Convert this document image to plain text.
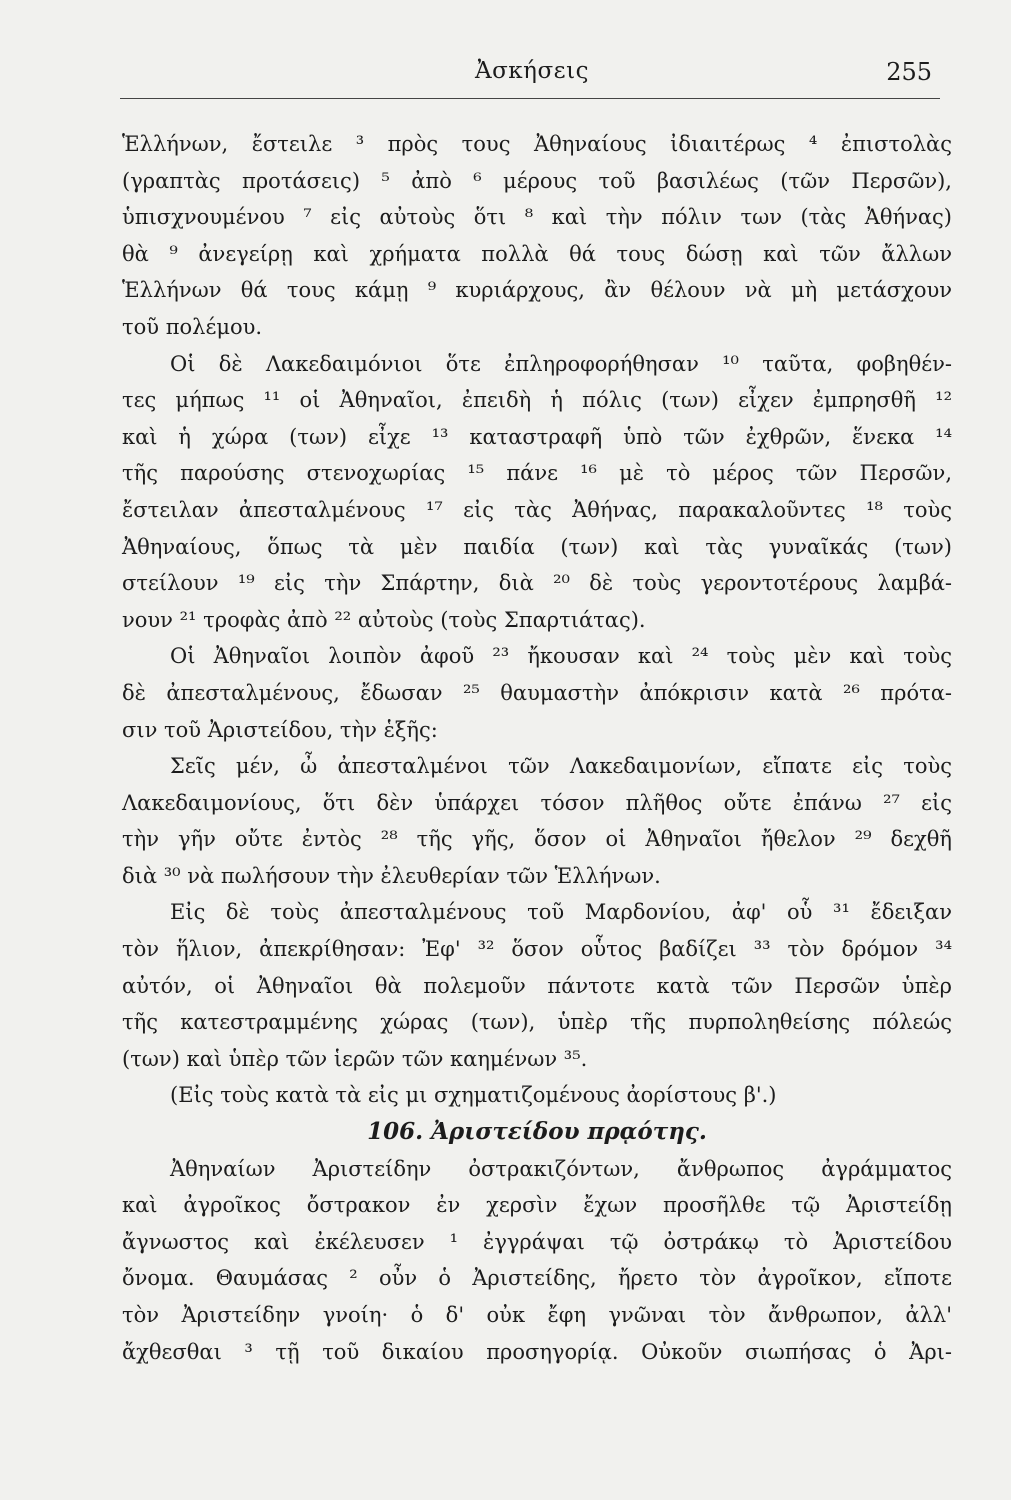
Ἀσκήσεις	255
Ἑλλήνων, ἔστειλε ³ πρὸς τους Ἀθηναίους ἰδιαιτέρως ⁴ ἐπιστολὰς
(γραπτὰς προτάσεις) ⁵ ἀπὸ ⁶ μέρους τοῦ βασιλέως (τῶν Περσῶν),
ὑπισχνουμένου ⁷ εἰς αὐτοὺς ὅτι ⁸ καὶ τὴν πόλιν των (τὰς Ἀθήνας)
θὰ ⁹ ἀνεγείρῃ καὶ χρήματα πολλὰ θά τους δώσῃ καὶ τῶν ἄλλων
Ἑλλήνων θά τους κάμῃ ⁹ κυριάρχους, ἂν θέλουν νὰ μὴ μετάσχουν
τοῦ πολέμου.
Οἱ δὲ Λακεδαιμόνιοι ὅτε ἐπληροφορήθησαν ¹⁰ ταῦτα, φοβηθέν-
τες μήπως ¹¹ οἱ Ἀθηναῖοι, ἐπειδὴ ἡ πόλις (των) εἶχεν ἐμπρησθῆ ¹²
καὶ ἡ χώρα (των) εἶχε ¹³ καταστραφῆ ὑπὸ τῶν ἐχθρῶν, ἕνεκα ¹⁴
τῆς παρούσης στενοχωρίας ¹⁵ πάνε ¹⁶ μὲ τὸ μέρος τῶν Περσῶν,
ἔστειλαν ἀπεσταλμένους ¹⁷ εἰς τὰς Ἀθήνας, παρακαλοῦντες ¹⁸ τοὺς
Ἀθηναίους, ὅπως τὰ μὲν παιδία (των) καὶ τὰς γυναῖκάς (των)
στείλουν ¹⁹ εἰς τὴν Σπάρτην, διὰ ²⁰ δὲ τοὺς γεροντοτέρους λαμβά-
νουν ²¹ τροφὰς ἀπὸ ²² αὐτοὺς (τοὺς Σπαρτιάτας).
Οἱ Ἀθηναῖοι λοιπὸν ἀφοῦ ²³ ἤκουσαν καὶ ²⁴ τοὺς μὲν καὶ τοὺς
δὲ ἀπεσταλμένους, ἔδωσαν ²⁵ θαυμαστὴν ἀπόκρισιν κατὰ ²⁶ πρότα-
σιν τοῦ Ἀριστείδου, τὴν ἑξῆς:
Σεῖς μέν, ὦ ἀπεσταλμένοι τῶν Λακεδαιμονίων, εἴπατε εἰς τοὺς
Λακεδαιμονίους, ὅτι δὲν ὑπάρχει τόσον πλῆθος οὔτε ἐπάνω ²⁷ εἰς
τὴν γῆν οὔτε ἐντὸς ²⁸ τῆς γῆς, ὅσον οἱ Ἀθηναῖοι ἤθελον ²⁹ δεχθῆ
διὰ ³⁰ νὰ πωλήσουν τὴν ἐλευθερίαν τῶν Ἑλλήνων.
Εἰς δὲ τοὺς ἀπεσταλμένους τοῦ Μαρδονίου, ἀφ' οὗ ³¹ ἔδειξαν
τὸν ἥλιον, ἀπεκρίθησαν: Ἐφ' ³² ὅσον οὗτος βαδίζει ³³ τὸν δρόμον ³⁴
αὐτόν, οἱ Ἀθηναῖοι θὰ πολεμοῦν πάντοτε κατὰ τῶν Περσῶν ὑπὲρ
τῆς κατεστραμμένης χώρας (των), ὑπὲρ τῆς πυρποληθείσης πόλεώς
(των) καὶ ὑπὲρ τῶν ἱερῶν τῶν καημένων ³⁵.
(Εἰς τοὺς κατὰ τὰ εἰς μι σχηματιζομένους ἀορίστους β'.)
106. Ἀριστείδου πρᾳότης.
Ἀθηναίων Ἀριστείδην ὀστρακιζόντων, ἄνθρωπος ἀγράμματος
καὶ ἀγροῖκος ὄστρακον ἐν χερσὶν ἔχων προσῆλθε τῷ Ἀριστείδῃ
ἄγνωστος καὶ ἐκέλευσεν ¹ ἐγγράψαι τῷ ὀστράκῳ τὸ Ἀριστείδου
ὄνομα. Θαυμάσας ² οὖν ὁ Ἀριστείδης, ἤρετο τὸν ἀγροῖκον, εἴποτε
τὸν Ἀριστείδην γνοίη· ὁ δ' οὐκ ἔφη γνῶναι τὸν ἄνθρωπον, ἀλλ'
ἄχθεσθαι ³ τῇ τοῦ δικαίου προσηγορίᾳ. Οὐκοῦν σιωπήσας ὁ Ἀρι-
